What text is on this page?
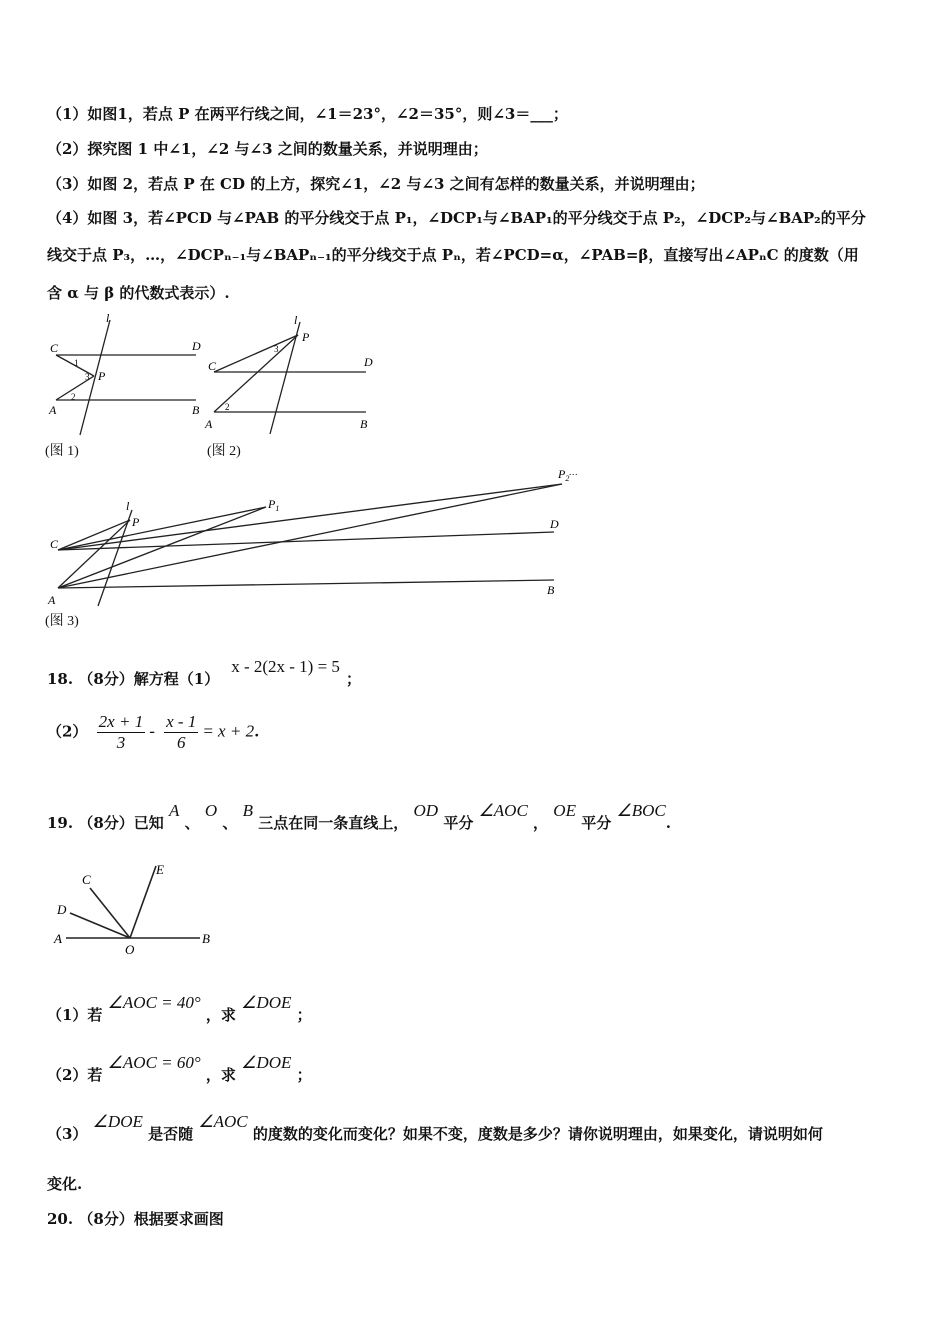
（1）如图1，若点 P 在两平行线之间，∠1＝23°，∠2＝35°，则∠3＝___；
（2）探究图 1 中∠1，∠2 与∠3 之间的数量关系，并说明理由；
（3）如图 2，若点 P 在 CD 的上方，探究∠1，∠2 与∠3 之间有怎样的数量关系，并说明理由；
（4）如图 3，若∠PCD 与∠PAB 的平分线交于点 P₁，∠DCP₁与∠BAP₁的平分线交于点 P₂，∠DCP₂与∠BAP₂的平分
线交于点 P₃，…，∠DCPₙ₋₁与∠BAPₙ₋₁的平分线交于点 Pₙ，若∠PCD=α，∠PAB=β，直接写出∠APₙC 的度数（用
含 α 与 β 的代数式表示）.
l
C	D
P
A	B
1
2
3
(图 1)
l
P
C	D
A	B
2
3
(图 2)
l
P
$P_1$
$P_2^\dots$
C
D
A
B
(图 3)
18. （8分）解方程（1）x - 2(2x - 1) = 5；
$(2) \frac{2x + 1}{3} - \frac{x - 1}{6} = x + 2$.
19. （8分）已知 A 、 O 、 B 三点在同一条直线上， OD 平分 ∠AOC ， OE 平分 ∠BOC.
A	B
C
D
E
O
（1）若 ∠AOC = 40° ，求 ∠DOE ；
（2）若 ∠AOC = 60° ，求 ∠DOE ；
（3） ∠DOE 是否随 ∠AOC 的度数的变化而变化？如果不变，度数是多少？请你说明理由，如果变化，请说明如何
变化.
20. （8分）根据要求画图
